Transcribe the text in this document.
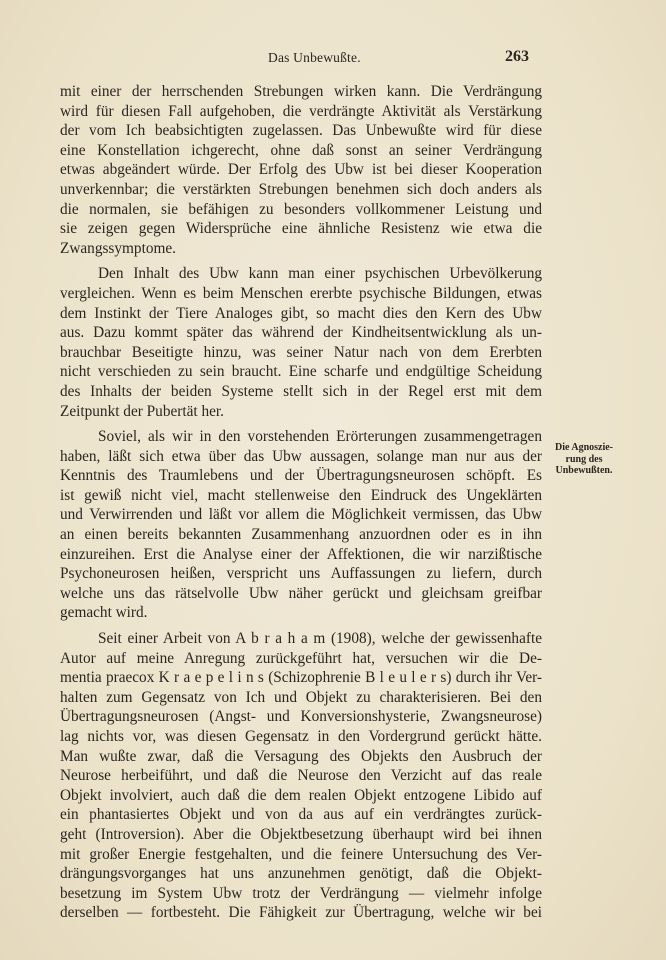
Das Unbewußte.	263
Die Agnoszie-
rung des
Unbewußten.
mit einer der herrschenden Strebungen wirken kann. Die Verdrängung
wird für diesen Fall aufgehoben, die verdrängte Aktivität als Verstärkung
der vom Ich beabsichtigten zugelassen. Das Unbewußte wird für diese
eine Konstellation ichgerecht, ohne daß sonst an seiner Verdrängung
etwas abgeändert würde. Der Erfolg des Ubw ist bei dieser Kooperation
unverkennbar; die verstärkten Strebungen benehmen sich doch anders als
die normalen, sie befähigen zu besonders vollkommener Leistung und
sie zeigen gegen Widersprüche eine ähnliche Resistenz wie etwa die
Zwangssymptome.
Den Inhalt des Ubw kann man einer psychischen Urbevölkerung
vergleichen. Wenn es beim Menschen ererbte psychische Bildungen, etwas
dem Instinkt der Tiere Analoges gibt, so macht dies den Kern des Ubw
aus. Dazu kommt später das während der Kindheitsentwicklung als un-
brauchbar Beseitigte hinzu, was seiner Natur nach von dem Ererbten
nicht verschieden zu sein braucht. Eine scharfe und endgültige Scheidung
des Inhalts der beiden Systeme stellt sich in der Regel erst mit dem
Zeitpunkt der Pubertät her.
Soviel, als wir in den vorstehenden Erörterungen zusammengetragen
haben, läßt sich etwa über das Ubw aussagen, solange man nur aus der
Kenntnis des Traumlebens und der Übertragungsneurosen schöpft. Es
ist gewiß nicht viel, macht stellenweise den Eindruck des Ungeklärten
und Verwirrenden und läßt vor allem die Möglichkeit vermissen, das Ubw
an einen bereits bekannten Zusammenhang anzuordnen oder es in ihn
einzureihen. Erst die Analyse einer der Affektionen, die wir narzißtische
Psychoneurosen heißen, verspricht uns Auffassungen zu liefern, durch
welche uns das rätselvolle Ubw näher gerückt und gleichsam greifbar
gemacht wird.
Seit einer Arbeit von A b r a h a m (1908), welche der gewissenhafte
Autor auf meine Anregung zurückgeführt hat, versuchen wir die De-
mentia praecox K r a e p e l i n s (Schizophrenie B l e u l e r s) durch ihr Ver-
halten zum Gegensatz von Ich und Objekt zu charakterisieren. Bei den
Übertragungsneurosen (Angst- und Konversionshysterie, Zwangsneurose)
lag nichts vor, was diesen Gegensatz in den Vordergrund gerückt hätte.
Man wußte zwar, daß die Versagung des Objekts den Ausbruch der
Neurose herbeiführt, und daß die Neurose den Verzicht auf das reale
Objekt involviert, auch daß die dem realen Objekt entzogene Libido auf
ein phantasiertes Objekt und von da aus auf ein verdrängtes zurück-
geht (Introversion). Aber die Objektbesetzung überhaupt wird bei ihnen
mit großer Energie festgehalten, und die feinere Untersuchung des Ver-
drängungsvorganges hat uns anzunehmen genötigt, daß die Objekt-
besetzung im System Ubw trotz der Verdrängung — vielmehr infolge
derselben — fortbesteht. Die Fähigkeit zur Übertragung, welche wir bei
